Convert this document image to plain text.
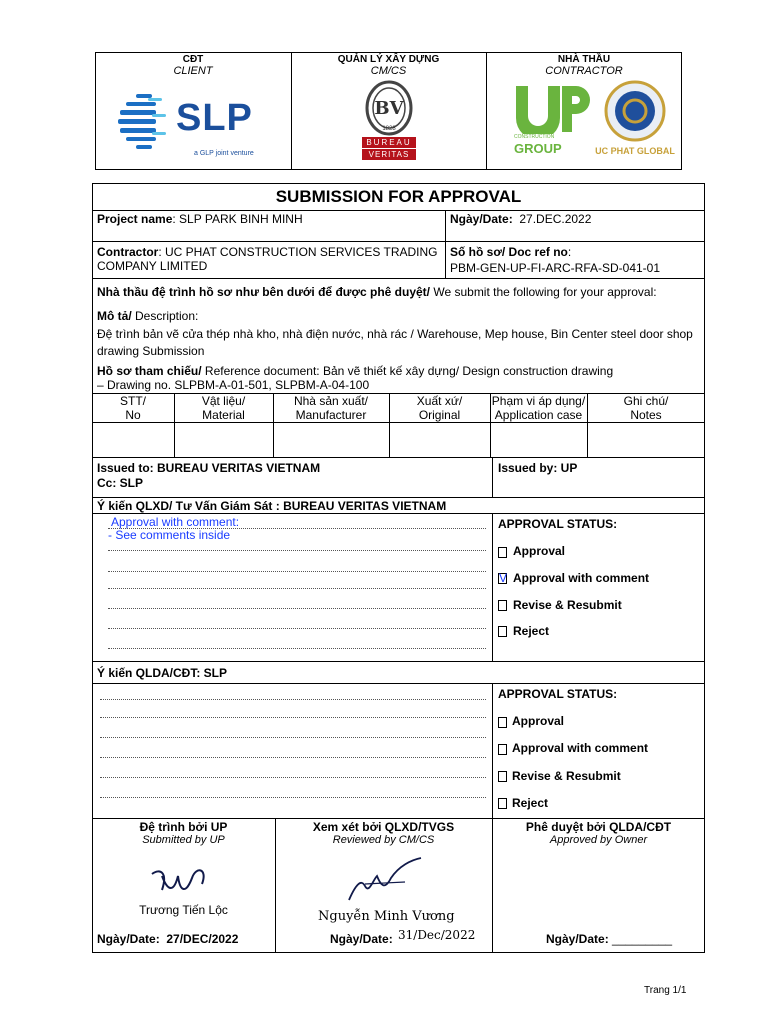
CĐT
CLIENT
SLP
a GLP joint venture
QUẢN LÝ XÂY DỰNG
CM/CS
BV
1828
BUREAU
VERITAS
NHÀ THẦU
CONTRACTOR
CONSTRUCTION
GROUP	UC PHAT GLOBAL
SUBMISSION FOR APPROVAL
Project name: SLP PARK BINH MINH	Ngày/Date: 27.DEC.2022
Contractor: UC PHAT CONSTRUCTION SERVICES TRADING
COMPANY LIMITED
Số hồ sơ/ Doc ref no:
PBM-GEN-UP-FI-ARC-RFA-SD-041-01
Nhà thầu đệ trình hồ sơ như bên dưới để được phê duyệt/ We submit the following for your approval:
Mô tả/ Description:
Đệ trình bản vẽ cửa thép nhà kho, nhà điện nước, nhà rác / Warehouse, Mep house, Bin Center steel door shop
drawing Submission
Hồ sơ tham chiếu/ Reference document: Bản vẽ thiết kế xây dựng/ Design construction drawing
– Drawing no. SLPBM-A-01-501, SLPBM-A-04-100
STT/
No
Vật liệu/
Material
Nhà sản xuất/
Manufacturer
Xuất xứ/
Original
Phạm vi áp dụng/
Application case
Ghi chú/
Notes
Issued to: BUREAU VERITAS VIETNAM
Cc: SLP
Issued by: UP
Ý kiến QLXD/ Tư Vấn Giám Sát : BUREAU VERITAS VIETNAM
Approval with comment:
- See comments inside
APPROVAL STATUS:
Approval
V Approval with comment
Revise & Resubmit
Reject
Ý kiến QLDA/CĐT: SLP
APPROVAL STATUS:
Approval
Approval with comment
Revise & Resubmit
Reject
Đệ trình bởi UP
Submitted by UP
Trương Tiến Lộc
Ngày/Date: 27/DEC/2022
Xem xét bởi QLXD/TVGS
Reviewed by CM/CS
Nguyễn Minh Vương
Ngày/Date: 31/Dec/2022
Phê duyệt bởi QLDA/CĐT
Approved by Owner
Ngày/Date: _________
Trang 1/1
